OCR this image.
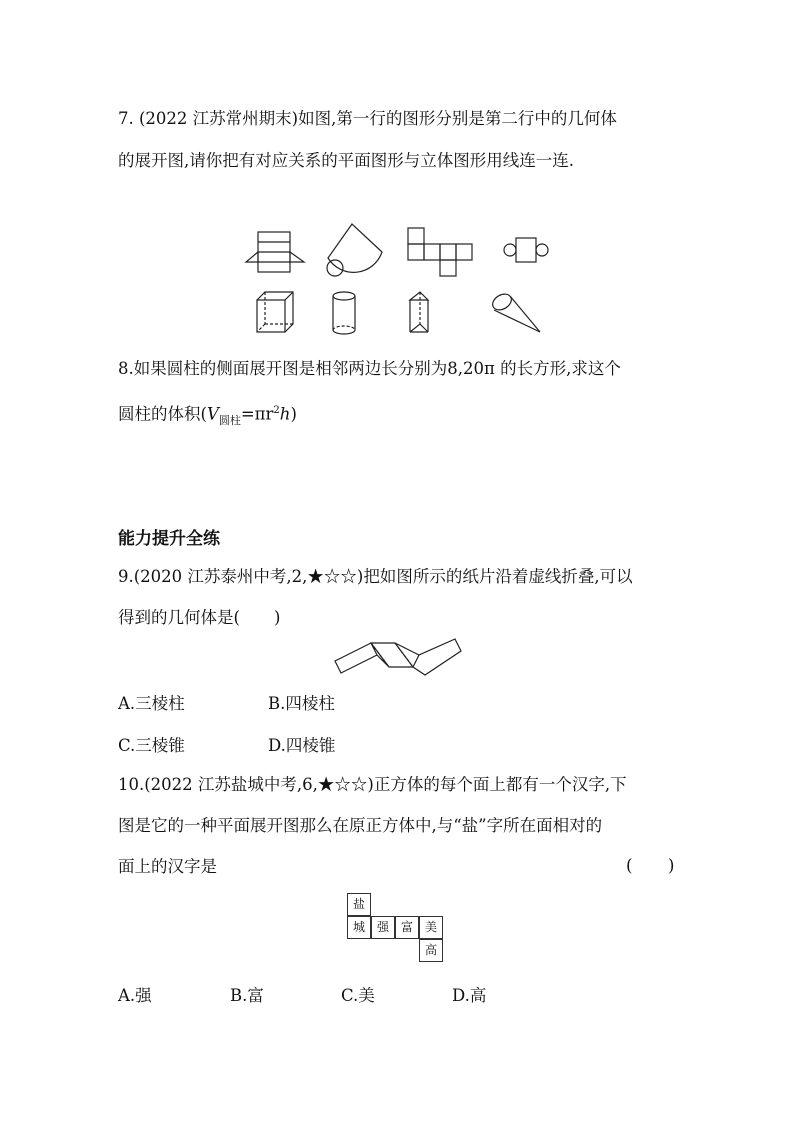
7. (2022 江苏常州期末)如图,第一行的图形分别是第二行中的几何体
的展开图,请你把有对应关系的平面图形与立体图形用线连一连.
8.如果圆柱的侧面展开图是相邻两边长分别为8,20π 的长方形,求这个
圆柱的体积$(V_{圆柱}=\pi r^2h)$
能力提升全练
9.(2020 江苏泰州中考,2,★☆☆)把如图所示的纸片沿着虚线折叠,可以
得到的几何体是( )
A.三棱柱	B.四棱柱
C.三棱锥	D.四棱锥
10.(2022 江苏盐城中考,6,★☆☆)正方体的每个面上都有一个汉字,下
图是它的一种平面展开图那么在原正方体中,与“盐”字所在面相对的
面上的汉字是	( )
盐
城 强 富 美
高
A.强	B.富	C.美	D.高
